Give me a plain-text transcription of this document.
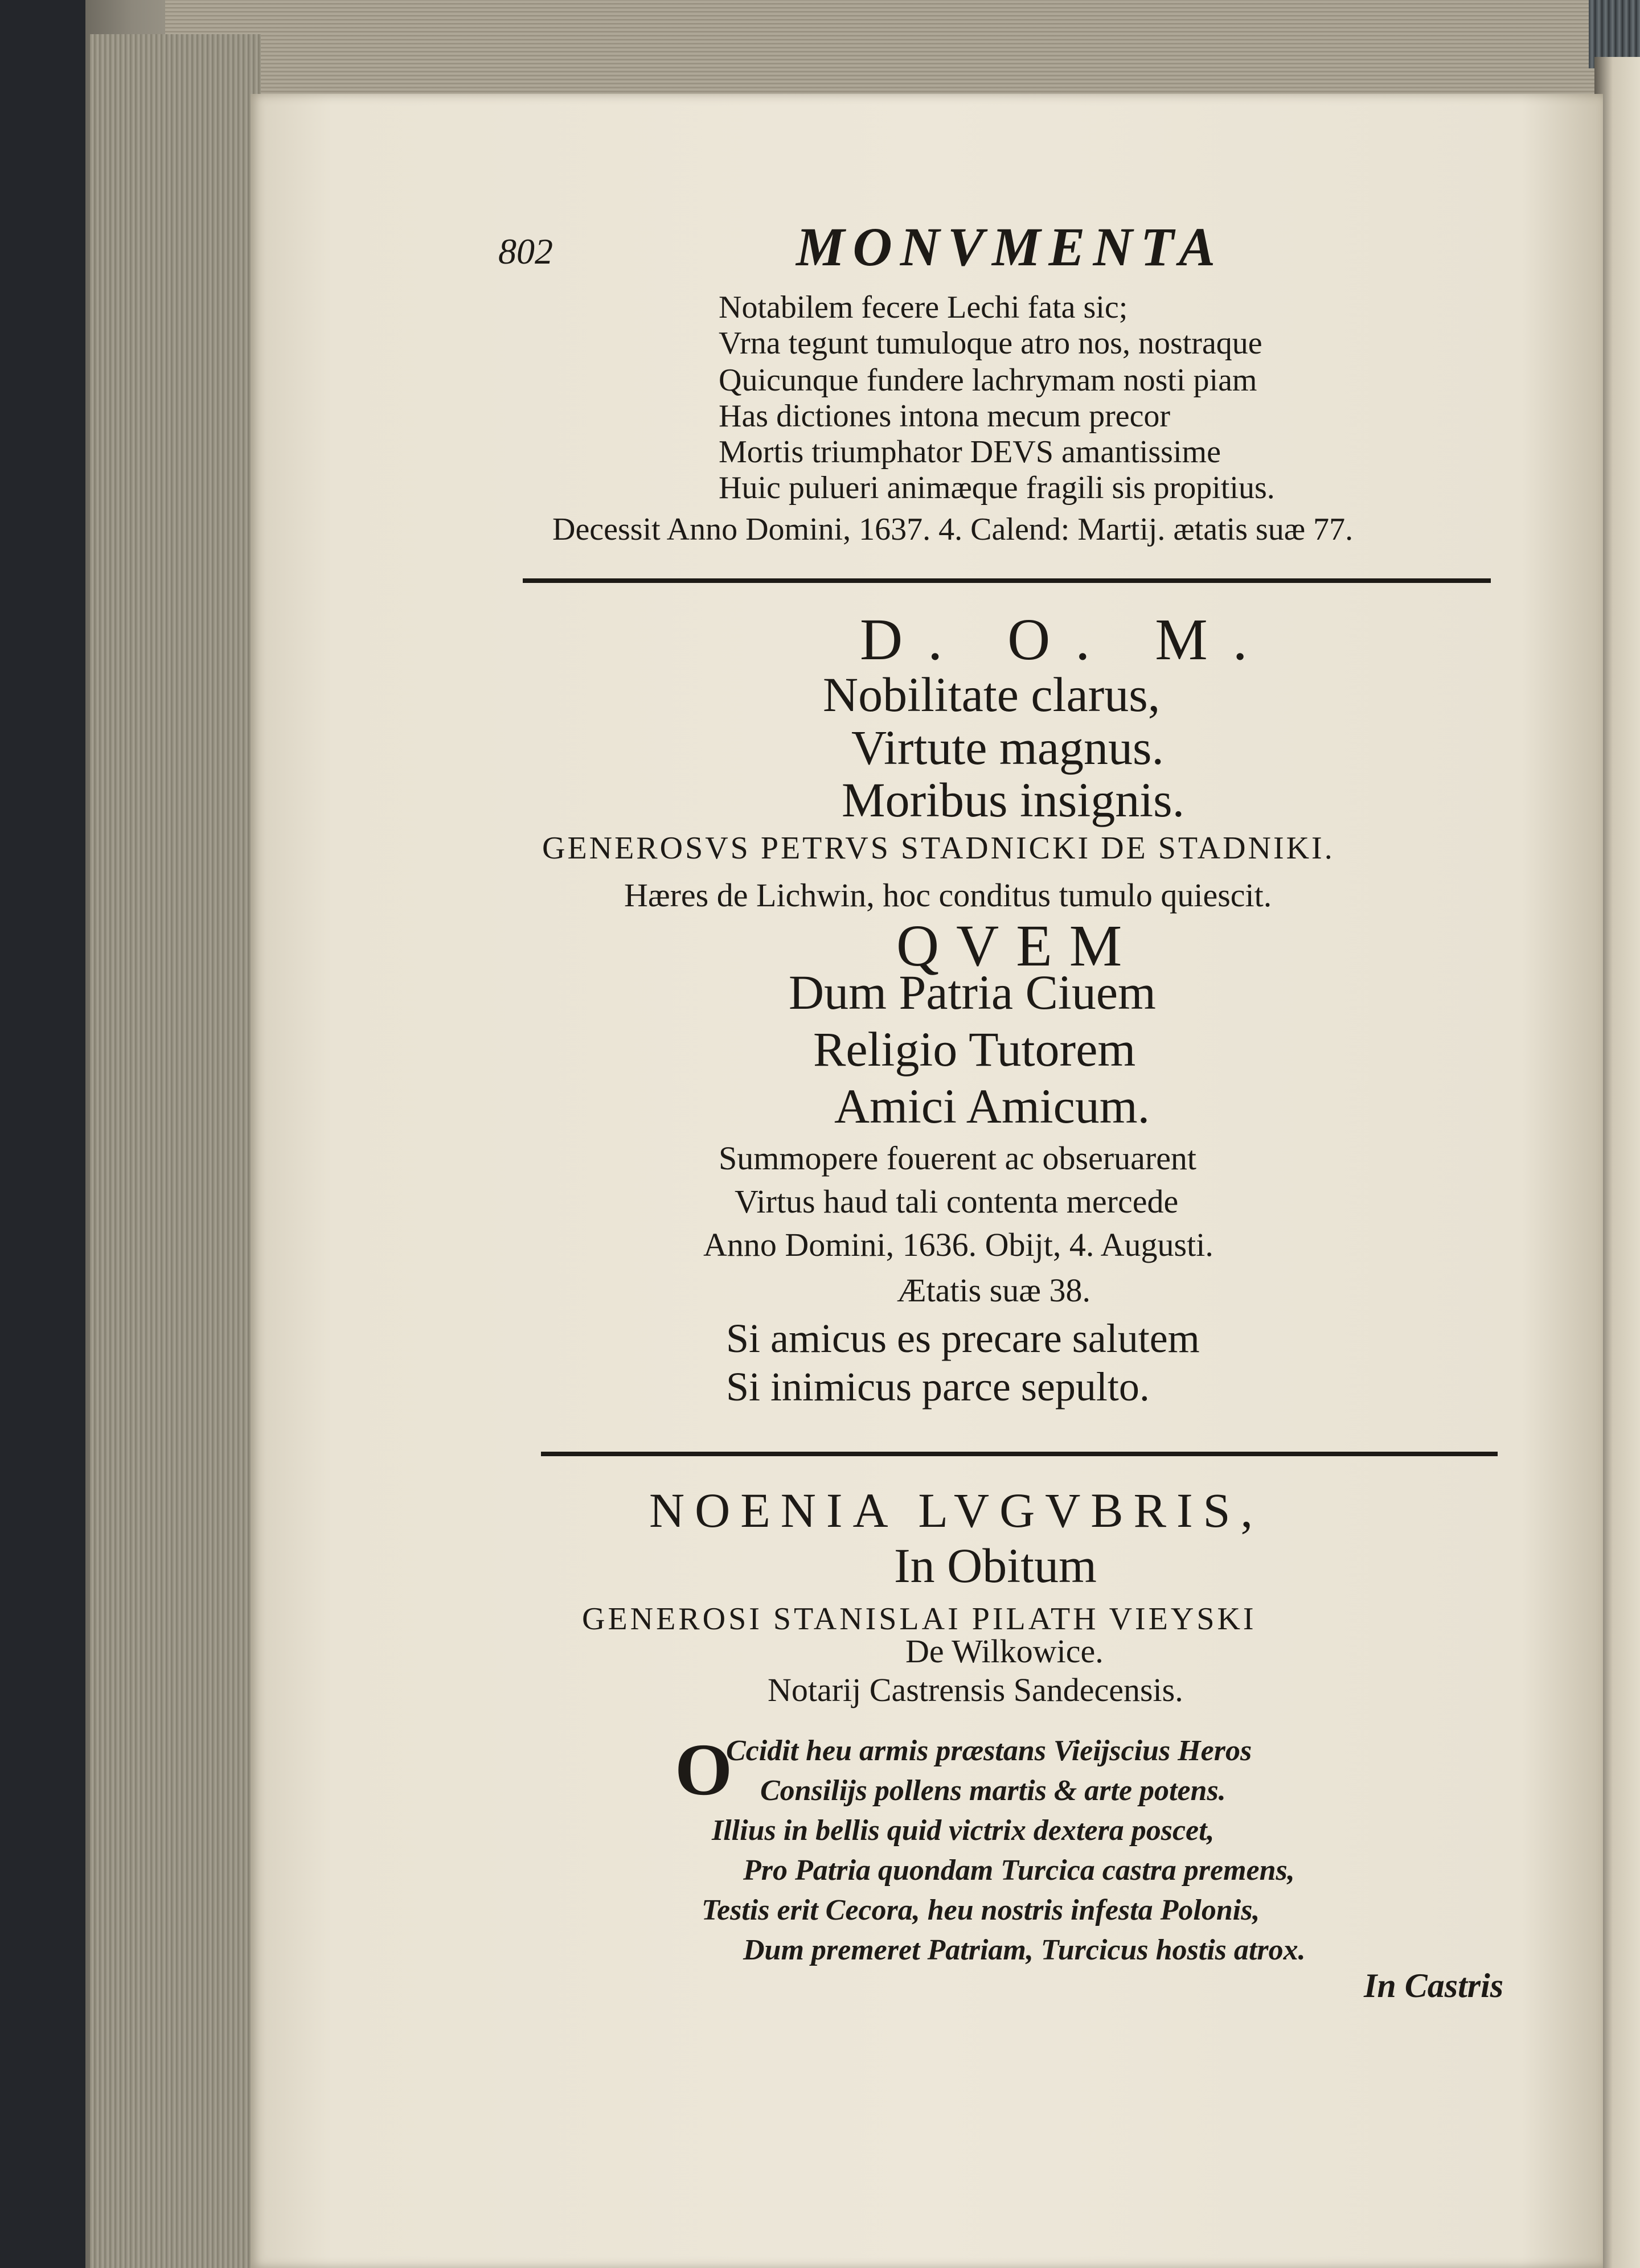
802	MONVMENTA
Notabilem fecere Lechi fata sic;
Vrna tegunt tumuloque atro nos, nostraque
Quicunque fundere lachrymam nosti piam
Has dictiones intona mecum precor
Mortis triumphator DEVS amantissime
Huic pulueri animæque fragili sis propitius.
Decessit Anno Domini, 1637. 4. Calend: Martij. ætatis suæ 77.
D. O. M.
Nobilitate clarus,
Virtute magnus.
Moribus insignis.
GENEROSVS PETRVS STADNICKI DE STADNIKI.
Hæres de Lichwin, hoc conditus tumulo quiescit.
QVEM
Dum Patria Ciuem
Religio Tutorem
Amici Amicum.
Summopere fouerent ac obseruarent
Virtus haud tali contenta mercede
Anno Domini, 1636. Obijt, 4. Augusti.
Ætatis suæ 38.
Si amicus es precare salutem
Si inimicus parce sepulto.
NOENIA LVGVBRIS,
In Obitum
GENEROSI STANISLAI PILATH VIEYSKI
De Wilkowice.
Notarij Castrensis Sandecensis.
O
Ccidit heu armis præstans Vieijscius Heros
Consilijs pollens martis & arte potens.
Illius in bellis quid victrix dextera poscet,
Pro Patria quondam Turcica castra premens,
Testis erit Cecora, heu nostris infesta Polonis,
Dum premeret Patriam, Turcicus hostis atrox.
In Castris
